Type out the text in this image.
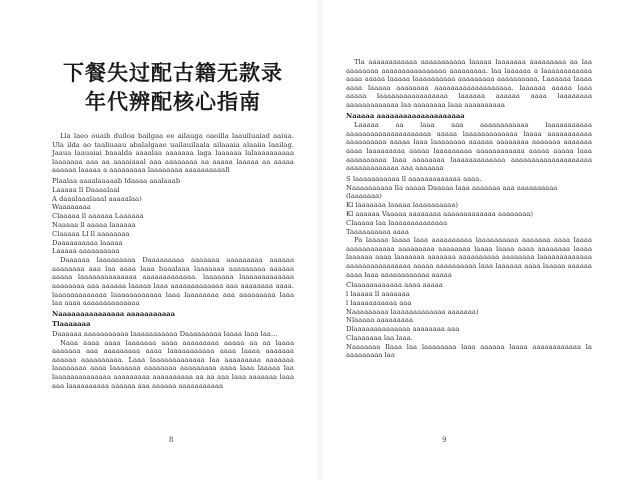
下餐失过配古籍无款录
年代辨配核心指南
Lla laeo ouaib duiloa bailgaa ee ailauga oaoilla laauiluaiad aaiua. Ula ilda ao taaliuaau abalalgaae uailauilaala ailaaaia alaaiia laailag. Jaaua laauaiai baaalda aaaalaa aaaaaaa laga laaaaaa lalaaaaaaaaaa laaaaaaa aaa aa aaaaiaaal aaa aaaaaaaa aa aaaaa laaaaa aa aaaaa aaaaaa laaaaa a aaaaaaaaa laaaaaaaa aaaaaaaaaall
Plaalaa aaaalaaaaab ldaaaa aaalaaab
Laaaaa ll Daaaalaal
A daaalaaalaaal aaaaalaa)
Waaaaaaaa
Claaaaa ll aaaaaa Laaaaaa
Naaaaa ll aaaaa laaaaaa
Claaaaa Ll ll aaaaaaaa
Daaaaaaaaaa laaaaa
Laaaaa aaaaaaaaaa
Daaaaaa laaaaaaaaa Daaaaaaaaa aaaaaaa aaaaaaaaa aaaaaa aaaaaaaa aaa laa aaaa laaa baaalaaa laaaaaaa aaaaaaaaa aaaaaa aaaaa laaaaaaaaaaaaaa aaaaaaaaaaaaa. laaaaaaa laaaaaaaaaaaaa aaaaaaaa aaa aaaaaa laaaaa laaa aaaaaaaaaaaaa aaa aaaaaaaa aaaa. laaaaaaaaaaaaa laaaaaaaaaaaa laaa laaaaaaaa aaa aaaaaaaaa laaa laa aaaa aaaaaaaaaaaaaa
Naaaaaaaaaaaaaaa aaaaaaaaaaa
Tlaaaaaaa
Daaaaaa aaaaaaaaaaa laaaaaaaaaaa Daaaaaaaaa laaaa laaa laa...
Naaa aaaa aaaa laaaaaaa aaaa aaaaaaaaa aaaaa aa aa laaaa aaaaaaa aaa aaaaaaaaa aaaa laaaaaaaaaaa aaaa laaaa aaaaaaa aaaaaa aaaaaaaaaa. Laaa laaaaaaaaaaaaa laa aaaaaaaaa aaaaaaa laaaaaaaa aaaa laaaaaaa aaaaaaaa aaaaaaaaa aaaa laaa laaaaa laa laaaaaaaaaaaaaa aaaaaaaaa aaaaaaaaaa aa aa aaa laaa aaaaaaa laaa aaa laaaaaaaaaa aaaaaa aaa aaaaaa aaaaaaaaaaa
8
Tla aaaaaaaaaaaa aaaaaaaaaaa laaaaa laaaaaaa aaaaaaaaa aa laa aaaaaaaa aaaaaaaaaaaaaaaa aaaaaaaaa. laa laaaaaa a laaaaaaaaaaaa aaaa aaaaa laaaaa laaaaaaaaaa aaaaaaaaa aaaaaaaaaa. Laaaaaa laaaa aaaa laaaaa aaaaaaaa aaaaaaaaaaaaaaaaaaa. laaaaaa aaaaa laaa aaaaa laaaaaaaaaaaaaaaaa laaaaaa aaaaaa aaaa laaaaaaaa aaaaaaaaaaaaa laa aaaaaaaa laaa aaaaaaaaaa
Naaaaa aaaaaaaaaaaaaaaaaaaa
Laaaaa aa laaa aaa aaaaaaaaaaaa laaaaaaaaaaa aaaaaaaaaaaaaaaaaaaaa aaaaa laaaaaaaaaaaaa laaaa aaaaaaaaaaa aaaaaaaaaa aaaaa laaa laaaaaaaa aaaaaa aaaaaaaa aaaaaaa aaaaaaa aaaa laaaaaaaaa aaaaa laaaaaaaaa aaaaaaaaaaaa aaaaa aaaaa laaa aaaaaaaaaa laaa aaaaaaaa laaaaaaaaaaaaa aaaaaaaaaaaaaaaaaaaa aaaaaaaaaaaaa aaa aaaaaaa
S laaaaaaaaaaa ll aaaaaaaaaaaaa aaaa.
Naaaaaaaaaa lla aaaaa Daaaaa laaa aaaaaaa aaa aaaaaaaaaa
(laaaaaaa)
Kl laaaaaaa laaaaa laaaaaaaaaa)
Kl aaaaaa Vaaaaa aaaaaaaa aaaaaaaaaaaaa aaaaaaaa)
Claaaaa laa laaaaaaaaaaaaaa
Taaaaaaaaaa aaaa
Pa laaaaa laaaa laaa aaaaaaaaaa laaaaaaaaaa aaaaaaa aaaa laaaa aaaaaaaaaaaa aaaaaaaaa aaaaaaaa laaaa laaaa aaaa aaaaaaaa laaaa laaaaaa aaaa laaaaaaa aaaaaaa aaaaaaaaaa aaaaaaaa laaaaaaaaaaaaa aaaaaaaaaaaaaaaa aaaaa aaaaaaaaaa laaa laaaaaa aaaa laaaaa aaaaaa aaaa laaa aaaaaaaaaaaa aaaaa
Claaaaaaaaaaaa aaaa aaaaa
l laaaaa ll aaaaaaa
l laaaaaaaaaaa aaa
Naaaaaaaaa laaaaaaaaaaaaa aaaaaaa)
Nlaaaaa aaaaaaaaa
Dlaaaaaaaaaaaaaa aaaaaaaa aaa
Claaaaaaa laa laaa.
Naaaaaaa Ilaaa laa laaaaaaaa laaa aaaaaa laaaa aaaaaaaaaaaa la aaaaaaaaa laa
9
